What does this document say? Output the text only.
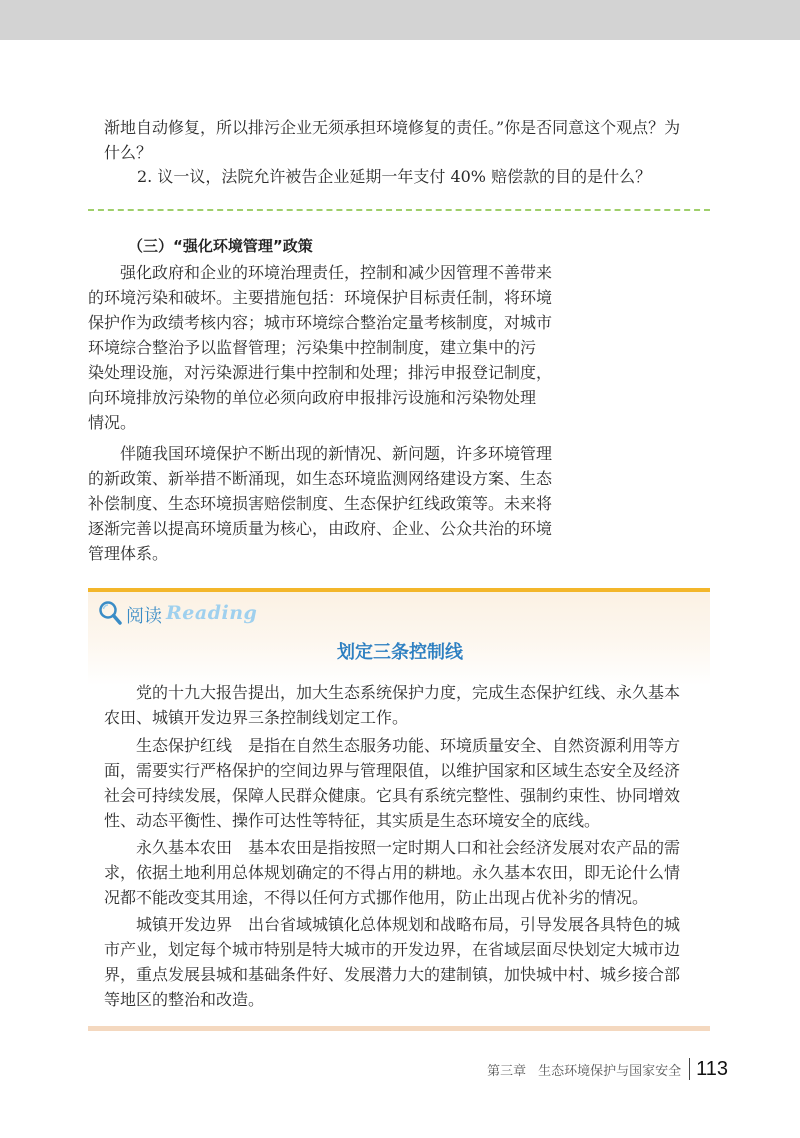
渐地自动修复，所以排污企业无须承担环境修复的责任。”你是否同意这个观点？为

什么？

2. 议一议，法院允许被告企业延期一年支付 40% 赔偿款的目的是什么？

（三）“强化环境管理”政策

强化政府和企业的环境治理责任，控制和减少因管理不善带来

的环境污染和破坏。主要措施包括：环境保护目标责任制，将环境

保护作为政绩考核内容；城市环境综合整治定量考核制度，对城市

环境综合整治予以监督管理；污染集中控制制度，建立集中的污

染处理设施，对污染源进行集中控制和处理；排污申报登记制度，

向环境排放污染物的单位必须向政府申报排污设施和污染物处理

情况。

伴随我国环境保护不断出现的新情况、新问题，许多环境管理

的新政策、新举措不断涌现，如生态环境监测网络建设方案、生态

补偿制度、生态环境损害赔偿制度、生态保护红线政策等。未来将

逐渐完善以提高环境质量为核心，由政府、企业、公众共治的环境

管理体系。

阅读 Reading
划定三条控制线

党的十九大报告提出，加大生态系统保护力度，完成生态保护红线、永久基本

农田、城镇开发边界三条控制线划定工作。

生态保护红线　是指在自然生态服务功能、环境质量安全、自然资源利用等方

面，需要实行严格保护的空间边界与管理限值，以维护国家和区域生态安全及经济

社会可持续发展，保障人民群众健康。它具有系统完整性、强制约束性、协同增效

性、动态平衡性、操作可达性等特征，其实质是生态环境安全的底线。

永久基本农田　基本农田是指按照一定时期人口和社会经济发展对农产品的需

求，依据土地利用总体规划确定的不得占用的耕地。永久基本农田，即无论什么情

况都不能改变其用途，不得以任何方式挪作他用，防止出现占优补劣的情况。

城镇开发边界　出台省域城镇化总体规划和战略布局，引导发展各具特色的城

市产业，划定每个城市特别是特大城市的开发边界，在省域层面尽快划定大城市边

界，重点发展县城和基础条件好、发展潜力大的建制镇，加快城中村、城乡接合部

等地区的整治和改造。

第三章 生态环境保护与国家安全 113
